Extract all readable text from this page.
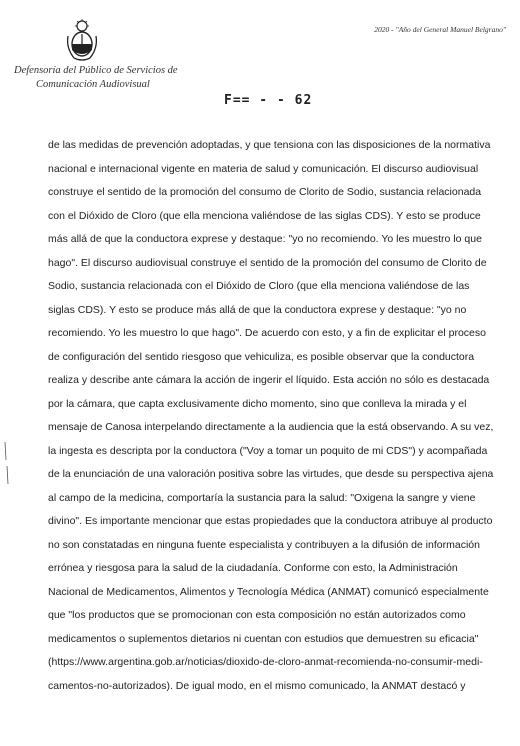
Defensoría del Público de Servicios de
Comunicación Audiovisual
2020 - "Año del General Manuel Belgrano"
F== - - 62
de las medidas de prevención adoptadas, y que tensiona con las disposiciones de la normativa
nacional e internacional vigente en materia de salud y comunicación. El discurso audiovisual
construye el sentido de la promoción del consumo de Clorito de Sodio, sustancia relacionada
con el Dióxido de Cloro (que ella menciona valiéndose de las siglas CDS). Y esto se produce
más allá de que la conductora exprese y destaque: "yo no recomiendo. Yo les muestro lo que
hago". El discurso audiovisual construye el sentido de la promoción del consumo de Clorito de
Sodio, sustancia relacionada con el Dióxido de Cloro (que ella menciona valiéndose de las
siglas CDS). Y esto se produce más allá de que la conductora exprese y destaque: "yo no
recomiendo. Yo les muestro lo que hago". De acuerdo con esto, y a fin de explicitar el proceso
de configuración del sentido riesgoso que vehiculiza, es posible observar que la conductora
realiza y describe ante cámara la acción de ingerir el líquido. Esta acción no sólo es destacada
por la cámara, que capta exclusivamente dicho momento, sino que conlleva la mirada y el
mensaje de Canosa interpelando directamente a la audiencia que la está observando. A su vez,
la ingesta es descripta por la conductora ("Voy a tomar un poquito de mi CDS") y acompañada
de la enunciación de una valoración positiva sobre las virtudes, que desde su perspectiva ajena
al campo de la medicina, comportaría la sustancia para la salud: "Oxigena la sangre y viene
divino". Es importante mencionar que estas propiedades que la conductora atribuye al producto
no son constatadas en ninguna fuente especialista y contribuyen a la difusión de información
errónea y riesgosa para la salud de la ciudadanía. Conforme con esto, la Administración
Nacional de Medicamentos, Alimentos y Tecnología Médica (ANMAT) comunicó especialmente
que "los productos que se promocionan con esta composición no están autorizados como
medicamentos o suplementos dietarios ni cuentan con estudios que demuestren su eficacia"
(https://www.argentina.gob.ar/noticias/dioxido-de-cloro-anmat-recomienda-no-consumir-medi-
camentos-no-autorizados). De igual modo, en el mismo comunicado, la ANMAT destacó y
